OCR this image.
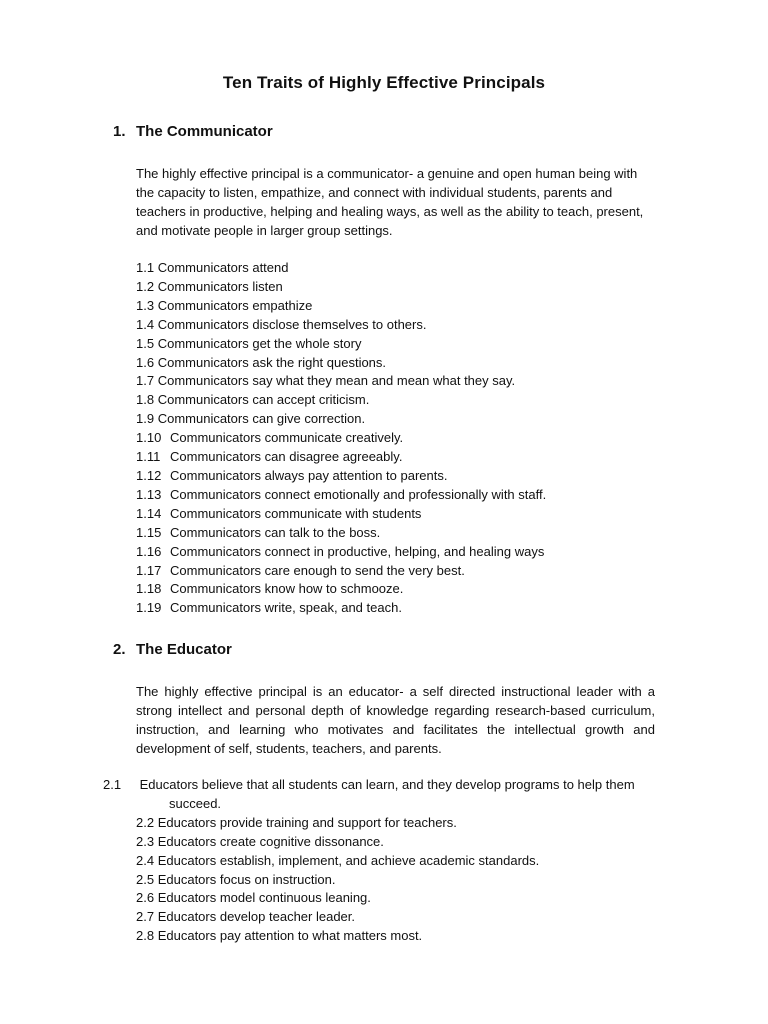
Ten Traits of Highly Effective Principals
1. The Communicator

The highly effective principal is a communicator- a genuine and open human being with the capacity to listen, empathize, and connect with individual students, parents and teachers in productive, helping and healing ways, as well as the ability to teach, present, and motivate people in larger group settings.

1.1 Communicators attend
1.2 Communicators listen
1.3 Communicators empathize
1.4 Communicators disclose themselves to others.
1.5 Communicators get the whole story
1.6 Communicators ask the right questions.
1.7 Communicators say what they mean and mean what they say.
1.8 Communicators can accept criticism.
1.9 Communicators can give correction.
1.10 Communicators communicate creatively.
1.11 Communicators can disagree agreeably.
1.12 Communicators always pay attention to parents.
1.13 Communicators connect emotionally and professionally with staff.
1.14 Communicators communicate with students
1.15 Communicators can talk to the boss.
1.16 Communicators connect in productive, helping, and healing ways
1.17 Communicators care enough to send the very best.
1.18 Communicators know how to schmooze.
1.19 Communicators write, speak, and teach.
2. The Educator

The highly effective principal is an educator- a self directed instructional leader with a strong intellect and personal depth of knowledge regarding research-based curriculum, instruction, and learning who motivates and facilitates the intellectual growth and development of self, students, teachers, and parents.

2.1 Educators believe that all students can learn, and they develop programs to help them succeed.
2.2 Educators provide training and support for teachers.
2.3 Educators create cognitive dissonance.
2.4 Educators establish, implement, and achieve academic standards.
2.5 Educators focus on instruction.
2.6 Educators model continuous leaning.
2.7 Educators develop teacher leader.
2.8 Educators pay attention to what matters most.
